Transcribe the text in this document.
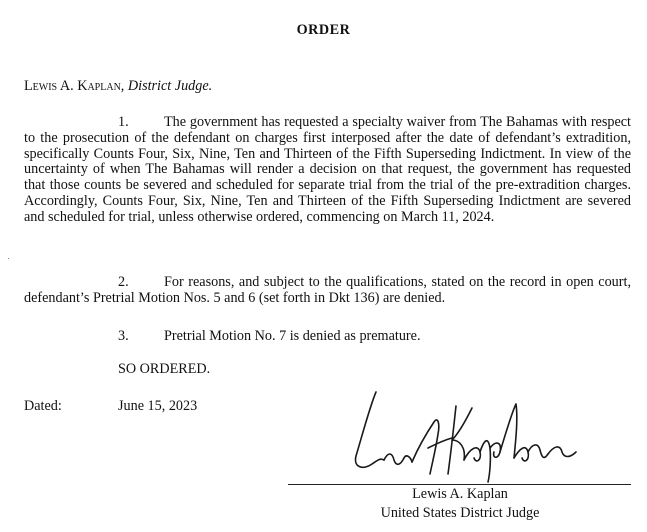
ORDER
Lewis A. Kaplan, District Judge.
1. The government has requested a specialty waiver from The Bahamas with respect to the prosecution of the defendant on charges first interposed after the date of defendant’s extradition, specifically Counts Four, Six, Nine, Ten and Thirteen of the Fifth Superseding Indictment. In view of the uncertainty of when The Bahamas will render a decision on that request, the government has requested that those counts be severed and scheduled for separate trial from the trial of the pre-extradition charges. Accordingly, Counts Four, Six, Nine, Ten and Thirteen of the Fifth Superseding Indictment are severed and scheduled for trial, unless otherwise ordered, commencing on March 11, 2024.
2. For reasons, and subject to the qualifications, stated on the record in open court, defendant’s Pretrial Motion Nos. 5 and 6 (set forth in Dkt 136) are denied.
3. Pretrial Motion No. 7 is denied as premature.
SO ORDERED.
Dated:	June 15, 2023
Lewis A. Kaplan
United States District Judge
